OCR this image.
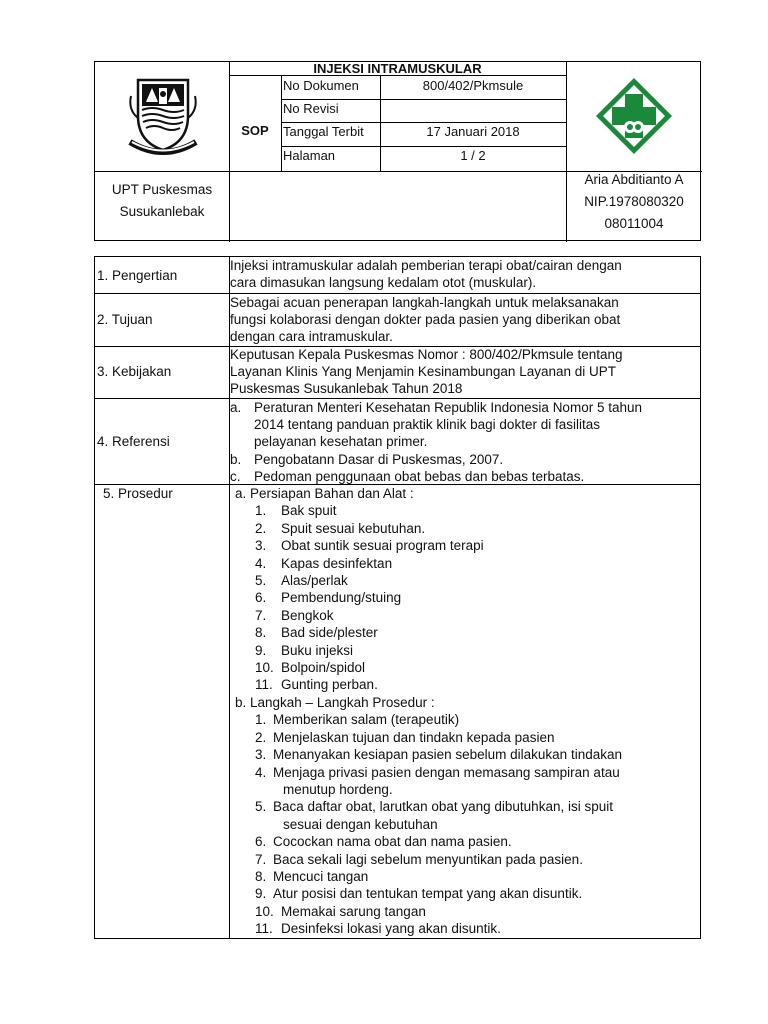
INJEKSI INTRAMUSKULAR
SOP
No Dokumen	800/402/Pkmsule
No Revisi
Tanggal Terbit	17 Januari 2018
Halaman	1 / 2
UPT Puskesmas
Susukanlebak
Aria Abditianto A
NIP.1978080320
08011004
1. Pengertian
Injeksi intramuskular adalah pemberian terapi obat/cairan dengan
cara dimasukan langsung kedalam otot (muskular).
2. Tujuan
Sebagai acuan penerapan langkah-langkah untuk melaksanakan
fungsi kolaborasi dengan dokter pada pasien yang diberikan obat
dengan cara intramuskular.
3. Kebijakan
Keputusan Kepala Puskesmas Nomor : 800/402/Pkmsule tentang
Layanan Klinis Yang Menjamin Kesinambungan Layanan di UPT
Puskesmas Susukanlebak Tahun 2018
4. Referensi
a. Peraturan Menteri Kesehatan Republik Indonesia Nomor 5 tahun
2014 tentang panduan praktik klinik bagi dokter di fasilitas
pelayanan kesehatan primer.
b. Pengobatann Dasar di Puskesmas, 2007.
c. Pedoman penggunaan obat bebas dan bebas terbatas.
5. Prosedur	a. Persiapan Bahan dan Alat :
1.	Bak spuit
2.	Spuit sesuai kebutuhan.
3.	Obat suntik sesuai program terapi
4.	Kapas desinfektan
5.	Alas/perlak
6.	Pembendung/stuing
7.	Bengkok
8.	Bad side/plester
9.	Buku injeksi
10. Bolpoin/spidol
11. Gunting perban.
b. Langkah – Langkah Prosedur :
1. Memberikan salam (terapeutik)
2. Menjelaskan tujuan dan tindakn kepada pasien
3. Menanyakan kesiapan pasien sebelum dilakukan tindakan
4. Menjaga privasi pasien dengan memasang sampiran atau
menutup hordeng.
5. Baca daftar obat, larutkan obat yang dibutuhkan, isi spuit
sesuai dengan kebutuhan
6. Cocockan nama obat dan nama pasien.
7. Baca sekali lagi sebelum menyuntikan pada pasien.
8. Mencuci tangan
9. Atur posisi dan tentukan tempat yang akan disuntik.
10. Memakai sarung tangan
11. Desinfeksi lokasi yang akan disuntik.
